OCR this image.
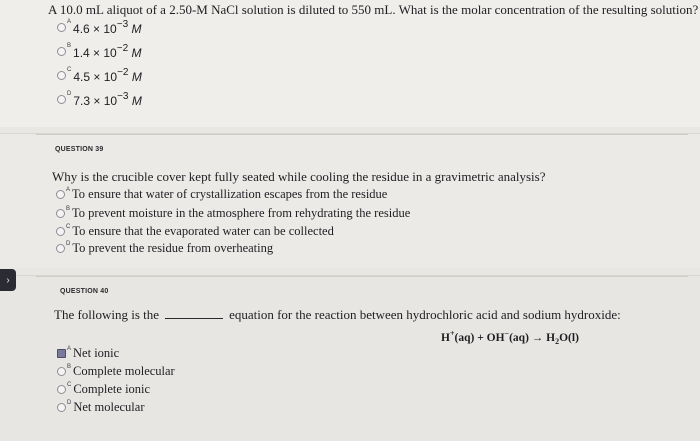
A 10.0 mL aliquot of a 2.50-M NaCl solution is diluted to 550 mL. What is the molar concentration of the resulting solution?
A $4.6 \times 10^{-3}$ M
B $1.4 \times 10^{-2}$ M
C $4.5 \times 10^{-2}$ M
D $7.3 \times 10^{-3}$ M
QUESTION 39
Why is the crucible cover kept fully seated while cooling the residue in a gravimetric analysis?
A To ensure that water of crystallization escapes from the residue
B To prevent moisture in the atmosphere from rehydrating the residue
C To ensure that the evaporated water can be collected
D To prevent the residue from overheating
QUESTION 40
The following is the	equation for the reaction between hydrochloric acid and sodium hydroxide:
$H^+(aq) + OH^-(aq) \to H_2O(l)$
A Net ionic
B Complete molecular
C Complete ionic
D Net molecular
›
